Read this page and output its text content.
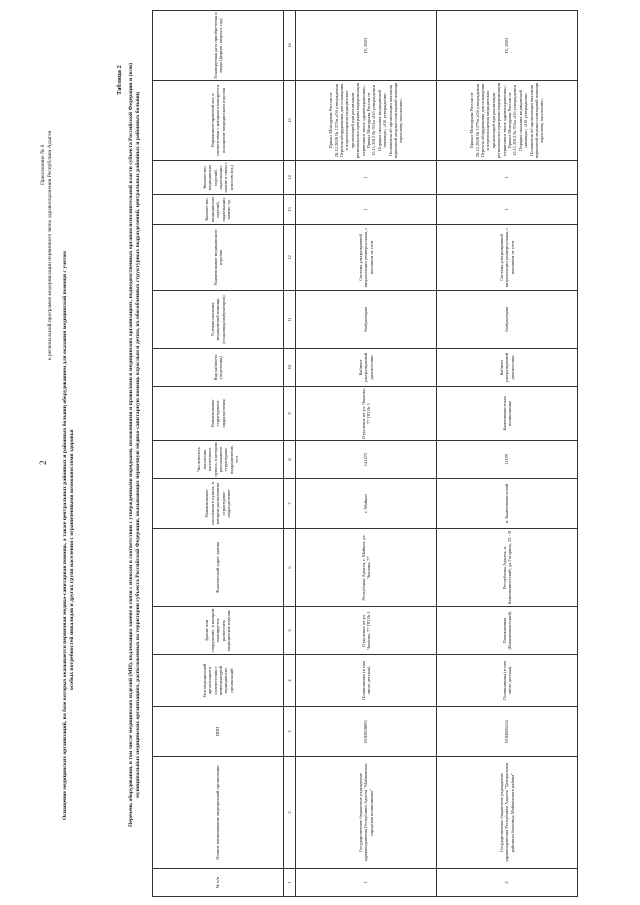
2
Приложение № 8 к региональной программе модернизации первичного звена здравоохранения Республики Адыгея
Оснащение медицинских организаций, на базе которых оказывается первичная медико-санитарная помощь, а также центральных районных и районных больниц оборудованием для оказания медицинской помощи с учетом особых потребностей инвалидов и других групп населения с ограниченными возможностями здоровья
Таблица 2 Перечень оборудования, в том числе медицинских изделий (МИ), подлежащих замене в связи с износом в соответствии с утвержденными порядками, положениями и правилами в медицинских организациях, подведомственных органам исполнительной власти субъекта Российской Федерации и (или) муниципальных медицинских организациях, расположенных на территории субъекта Российской Федерации, оказывающих первичную медико-санитарную помощь взрослым и детям, их обособленных структурных подразделений, центральных районных и районных больниц
№ п/п	Полное наименование медицинской организации	ИНН	Тип медицинской организации в соответствии с номенклатурой медицинских организаций	Здание или сооружение, в котором планируется разместить медицинское изделие	Фактический адрес здания	Наименование населенного пункта, в котором расположено структурное подразделение	Численность населения населенного пункта, в котором расположено структурное подразделение, чел	Наименование структурного подразделения	Вид кабинета (отделения)	Условия оказания медицинской помощи (стационар/амбулаторно)	Наименование медицинского изделия	Количество медицинских изделий, подлежащих замене, ед.	Количество медицинских изделий, подлежащих замене в связи с износом (ед.)	Нормативно-правовой акт, в соответствии с которым планируется оснащение медицинского изделия	Планируемая дата приобретения и ввода (формат: квартал, год)
1	2	3	4	5	6	7	8	9	10	11	12	13	14	15	16
1	Государственное бюджетное учреждение здравоохранения Республики Адыгея "Майкопская городская поликлиника"	0105020895	Поликлиника (в том числе детская)	Отделение по ул. Чкалова, 77 ПП № 1	Республика Адыгея, г. Майкоп, ул. Чкалова, 77	г. Майкоп	141475	Отделение по ул. Чкалова, 77 ПП № 1	Кабинет ультразвуковой диагностики	Амбулаторно	Система ультразвуковой визуализации универсальная, с питанием от сети	1	1	Приказ Минздрава России от 28.12.2020 № 1379н «Об утверждении Перечня оборудования для оснащения и переоснащения медицинских организаций при реализации региональных программ модернизации первичного звена здравоохранения»; Приказ Минздрава России от 15.11.2012 № 915н «Об утверждении Порядка оказания медицинской помощи»; «Об утверждении Положения об организации оказания первичной медико-санитарной помощи взрослому населению»	IV, 2023
2	Государственное бюджетное учреждение здравоохранения Республики Адыгея "Центральная районная больница Майкопского района"	0104005554	Поликлиника (в том числе детская)	Поликлиника (Каменномостский)	Республика Адыгея, п. Каменномостский, ул Гагарина, 32 - В	п. Каменномостский	11199	Каменномостская поликлиника	Кабинет ультразвуковой диагностики	Амбулаторно	Система ультразвуковой визуализации универсальная, с питанием от сети	1	1	Приказ Минздрава России от 28.12.2020 № 1379н «Об утверждении Перечня оборудования для оснащения и переоснащения медицинских организаций при реализации региональных программ модернизации первичного звена здравоохранения»; Приказ Минздрава России от 15.11.2012 № 915н «Об утверждении Порядка оказания медицинской помощи»; «Об утверждении Положения об организации оказания первичной медико-санитарной помощи взрослому населению»	IV, 2023
